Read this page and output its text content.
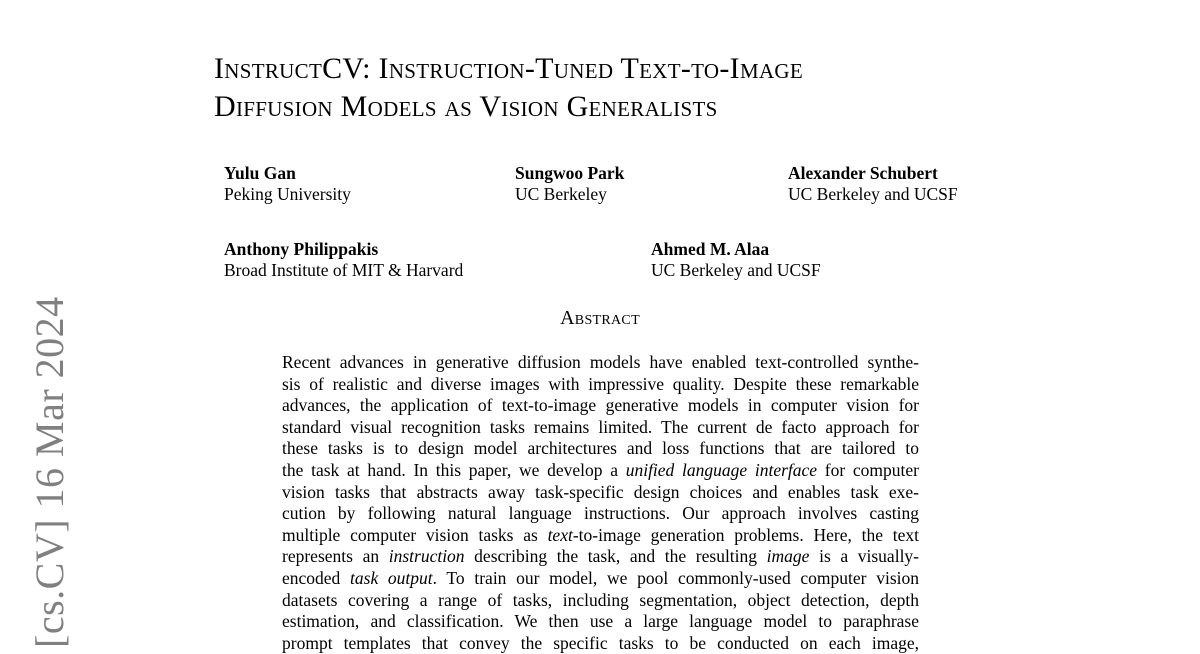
[cs.CV] 16 Mar 2024
InstructCV: Instruction-Tuned Text-to-Image
Diffusion Models as Vision Generalists
Yulu Gan
Peking University
Sungwoo Park
UC Berkeley
Alexander Schubert
UC Berkeley and UCSF
Anthony Philippakis
Broad Institute of MIT & Harvard
Ahmed M. Alaa
UC Berkeley and UCSF
Abstract
Recent advances in generative diffusion models have enabled text-controlled synthe-
sis of realistic and diverse images with impressive quality. Despite these remarkable
advances, the application of text-to-image generative models in computer vision for
standard visual recognition tasks remains limited. The current de facto approach for
these tasks is to design model architectures and loss functions that are tailored to
the task at hand. In this paper, we develop a unified language interface for computer
vision tasks that abstracts away task-specific design choices and enables task exe-
cution by following natural language instructions. Our approach involves casting
multiple computer vision tasks as text-to-image generation problems. Here, the text
represents an instruction describing the task, and the resulting image is a visually-
encoded task output. To train our model, we pool commonly-used computer vision
datasets covering a range of tasks, including segmentation, object detection, depth
estimation, and classification. We then use a large language model to paraphrase
prompt templates that convey the specific tasks to be conducted on each image,
